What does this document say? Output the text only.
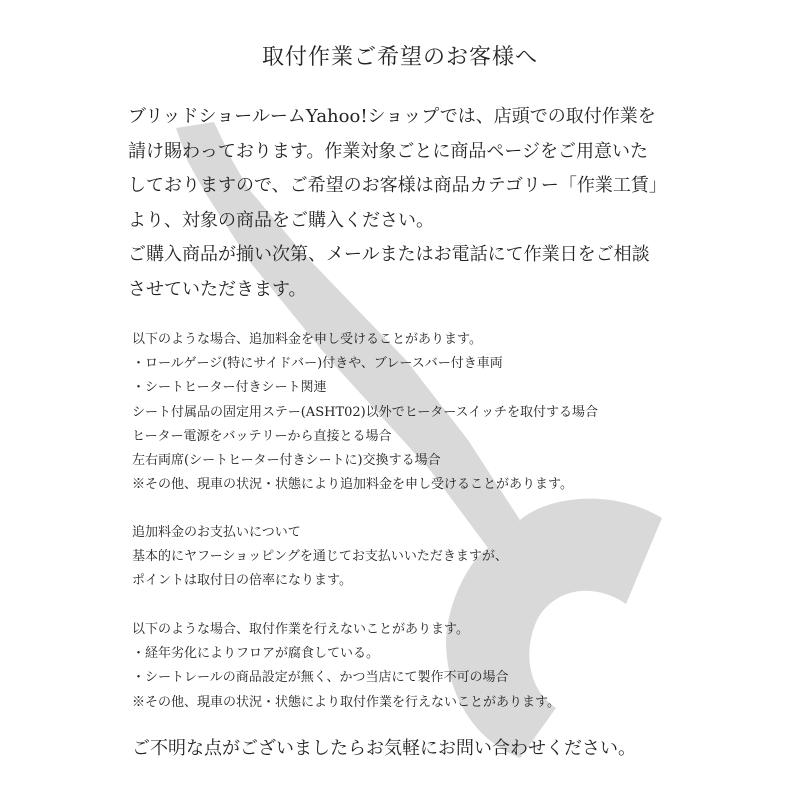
取付作業ご希望のお客様へ
ブリッドショールームYahoo!ショップでは、店頭での取付作業を
請け賜わっております。作業対象ごとに商品ページをご用意いた
しておりますので、ご希望のお客様は商品カテゴリー「作業工賃」
より、対象の商品をご購入ください。
ご購入商品が揃い次第、メールまたはお電話にて作業日をご相談
させていただきます。
以下のような場合、追加料金を申し受けることがあります。
・ロールゲージ(特にサイドバー)付きや、ブレースバー付き車両
・シートヒーター付きシート関連
シート付属品の固定用ステー(ASHT02)以外でヒータースイッチを取付する場合
ヒーター電源をバッテリーから直接とる場合
左右両席(シートヒーター付きシートに)交換する場合
※その他、現車の状況・状態により追加料金を申し受けることがあります。
追加料金のお支払いについて
基本的にヤフーショッピングを通じてお支払いいただきますが、
ポイントは取付日の倍率になります。
以下のような場合、取付作業を行えないことがあります。
・経年劣化によりフロアが腐食している。
・シートレールの商品設定が無く、かつ当店にて製作不可の場合
※その他、現車の状況・状態により取付作業を行えないことがあります。
ご不明な点がございましたらお気軽にお問い合わせください。
